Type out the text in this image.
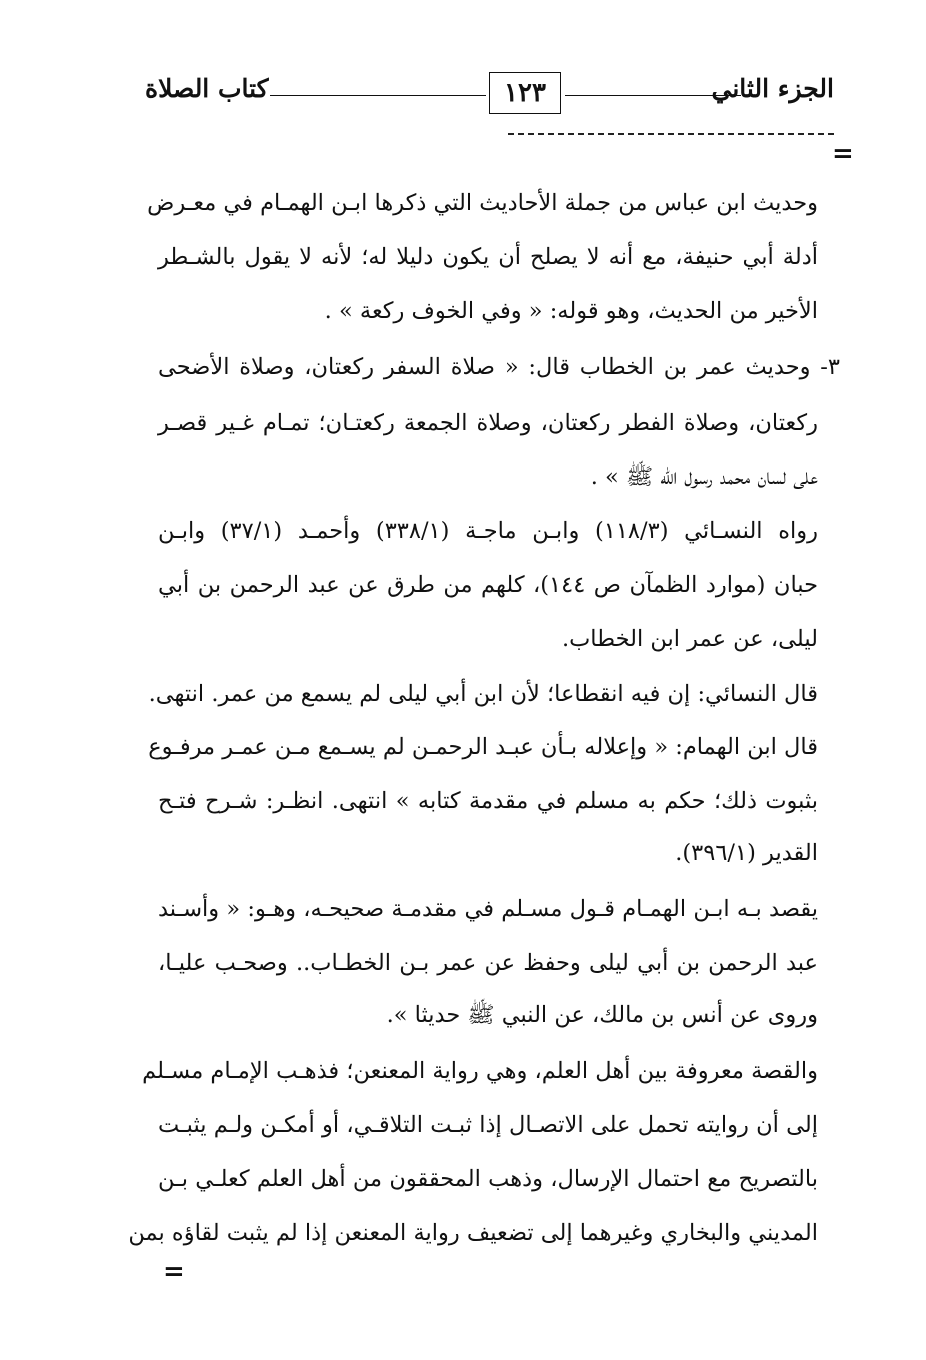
الجزء الثاني
١٢٣
كتاب الصلاة
=
وحديث ابن عباس من جملة الأحاديث التي ذكرها ابـن الهمـام في معـرض
أدلة أبي حنيفة، مع أنه لا يصلح أن يكون دليلا له؛ لأنه لا يقول بالشـطر
الأخير من الحديث، وهو قوله: « وفي الخوف ركعة » .
٣- وحديث عمر بن الخطاب قال: « صلاة السفر ركعتان، وصلاة الأضحى
ركعتان، وصلاة الفطر ركعتان، وصلاة الجمعة ركعتـان؛ تمـام غـير قصـر
على لسان محمد رسول الله ﷺ » .
رواه النسـائي (١١٨/٣) وابـن ماجـة (٣٣٨/١) وأحمـد (٣٧/١) وابـن
حبان (موارد الظمآن ص ١٤٤)، كلهم من طرق عن عبد الرحمن بن أبي
ليلى، عن عمر ابن الخطاب.
قال النسائي: إن فيه انقطاعا؛ لأن ابن أبي ليلى لم يسمع من عمر. انتهى.
قال ابن الهمام: « وإعلاله بـأن عبـد الرحمـن لم يسـمع مـن عمـر مرفـوع
بثبوت ذلك؛ حكم به مسلم في مقدمة كتابه » انتهى. انظـر: شـرح فتـح
القدير (٣٩٦/١).
يقصد بـه ابـن الهمـام قـول مسـلم في مقدمـة صحيحـه، وهـو: « وأسـند
عبد الرحمن بن أبي ليلى وحفظ عن عمر بـن الخطـاب.. وصحـب عليـا،
وروى عن أنس بن مالك، عن النبي ﷺ حديثا ».
والقصة معروفة بين أهل العلم، وهي رواية المعنعن؛ فذهـب الإمـام مسـلم
إلى أن روايته تحمل على الاتصـال إذا ثبـت التلاقـي، أو أمكـن ولـم يثبـت
بالتصريح مع احتمال الإرسال، وذهب المحققون من أهل العلم كعلـي بـن
المديني والبخاري وغيرهما إلى تضعيف رواية المعنعن إذا لم يثبت لقاؤه بمن
=
